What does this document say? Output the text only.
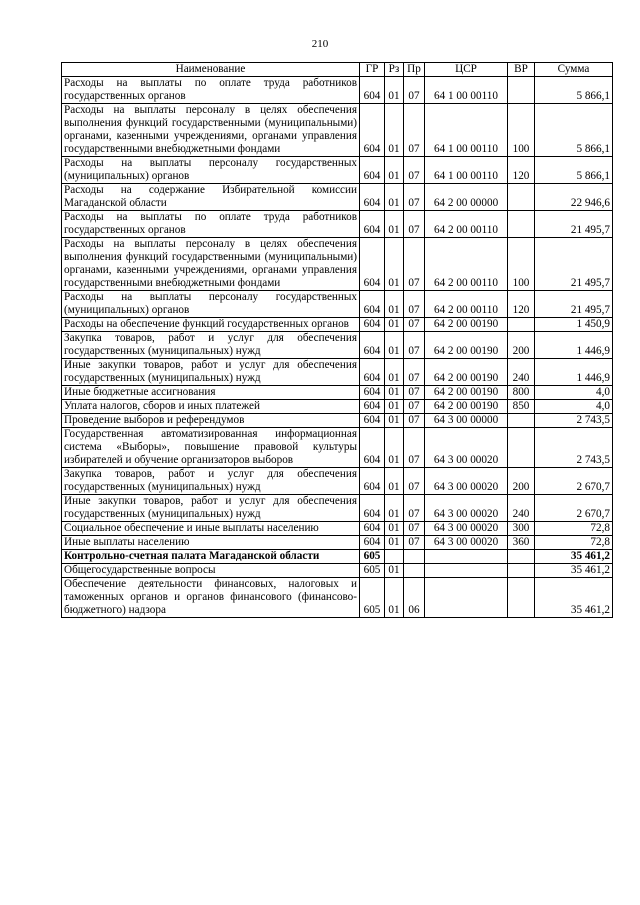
210
Наименование	ГР	Рз	Пр	ЦСР	ВР	Сумма
Расходы на выплаты по оплате труда работников государственных органов	604	01	07	64 1 00 00110		5 866,1
Расходы на выплаты персоналу в целях обеспечения выполнения функций государственными (муниципальными) органами, казенными учреждениями, органами управления государственными внебюджетными фондами	604	01	07	64 1 00 00110	100	5 866,1
Расходы на выплаты персоналу государственных (муниципальных) органов	604	01	07	64 1 00 00110	120	5 866,1
Расходы на содержание Избирательной комиссии Магаданской области	604	01	07	64 2 00 00000		22 946,6
Расходы на выплаты по оплате труда работников государственных органов	604	01	07	64 2 00 00110		21 495,7
Расходы на выплаты персоналу в целях обеспечения выполнения функций государственными (муниципальными) органами, казенными учреждениями, органами управления государственными внебюджетными фондами	604	01	07	64 2 00 00110	100	21 495,7
Расходы на выплаты персоналу государственных (муниципальных) органов	604	01	07	64 2 00 00110	120	21 495,7
Расходы на обеспечение функций государственных органов	604	01	07	64 2 00 00190		1 450,9
Закупка товаров, работ и услуг для обеспечения государственных (муниципальных) нужд	604	01	07	64 2 00 00190	200	1 446,9
Иные закупки товаров, работ и услуг для обеспечения государственных (муниципальных) нужд	604	01	07	64 2 00 00190	240	1 446,9
Иные бюджетные ассигнования	604	01	07	64 2 00 00190	800	4,0
Уплата налогов, сборов и иных платежей	604	01	07	64 2 00 00190	850	4,0
Проведение выборов и референдумов	604	01	07	64 3 00 00000		2 743,5
Государственная автоматизированная информационная система «Выборы», повышение правовой культуры избирателей и обучение организаторов выборов	604	01	07	64 3 00 00020		2 743,5
Закупка товаров, работ и услуг для обеспечения государственных (муниципальных) нужд	604	01	07	64 3 00 00020	200	2 670,7
Иные закупки товаров, работ и услуг для обеспечения государственных (муниципальных) нужд	604	01	07	64 3 00 00020	240	2 670,7
Социальное обеспечение и иные выплаты населению	604	01	07	64 3 00 00020	300	72,8
Иные выплаты населению	604	01	07	64 3 00 00020	360	72,8
Контрольно-счетная палата Магаданской области	605					35 461,2
Общегосударственные вопросы	605	01				35 461,2
Обеспечение деятельности финансовых, налоговых и таможенных органов и органов финансового (финансово-бюджетного) надзора	605	01	06			35 461,2
